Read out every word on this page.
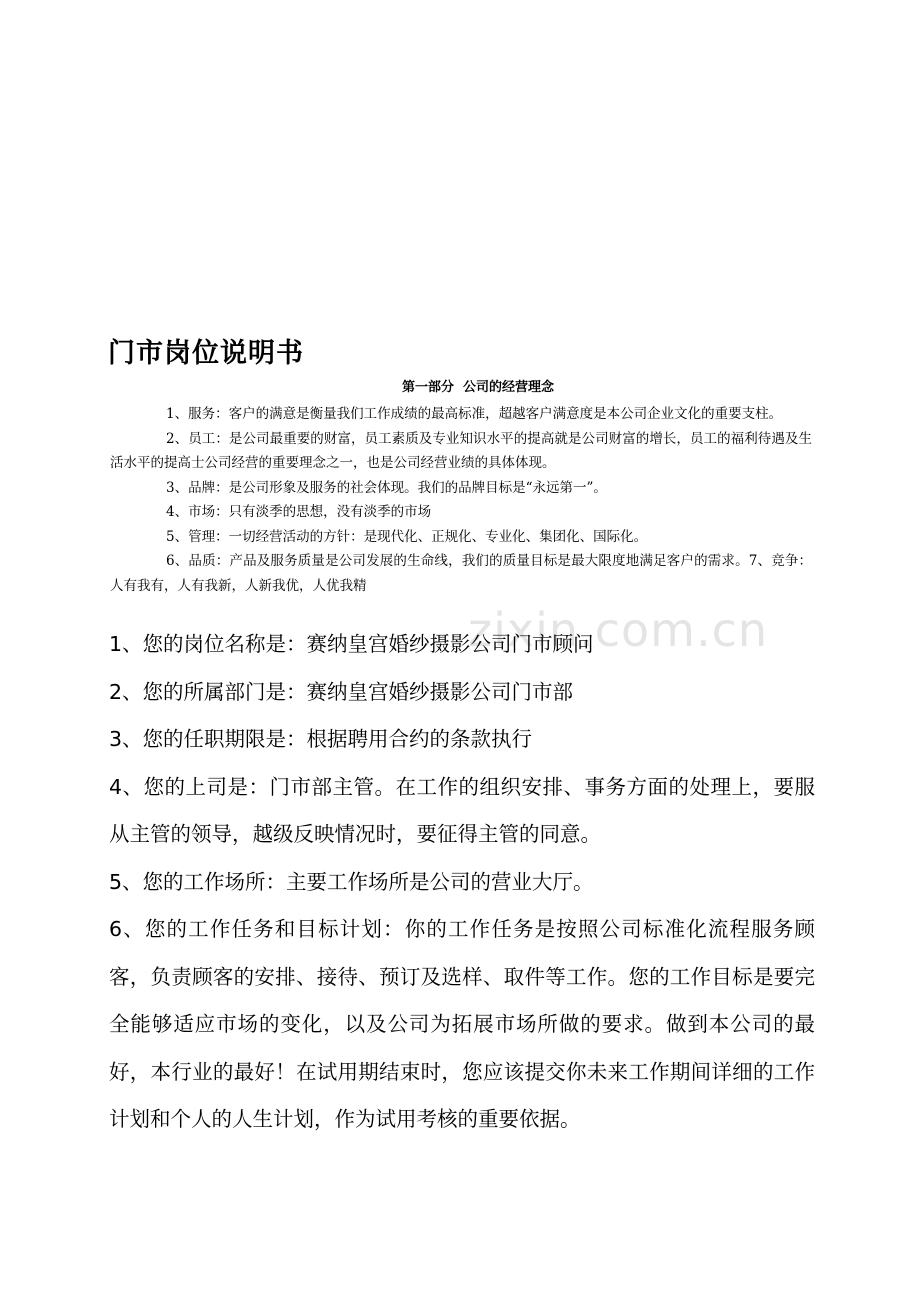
门市岗位说明书
第一部分  公司的经营理念

1、服务：客户的满意是衡量我们工作成绩的最高标准，超越客户满意度是本公司企业文化的重要支柱。

2、员工：是公司最重要的财富，员工素质及专业知识水平的提高就是公司财富的增长，员工的福利待遇及生活水平的提高士公司经营的重要理念之一，也是公司经营业绩的具体体现。

3、品牌：是公司形象及服务的社会体现。我们的品牌目标是“永远第一”。

4、市场：只有淡季的思想，没有淡季的市场

5、管理：一切经营活动的方针：是现代化、正规化、专业化、集团化、国际化。

6、品质：产品及服务质量是公司发展的生命线，我们的质量目标是最大限度地满足客户的需求。7、竞争：人有我有，人有我新，人新我优，人优我精

zixin.com.cn

1、您的岗位名称是：赛纳皇宫婚纱摄影公司门市顾问

2、您的所属部门是：赛纳皇宫婚纱摄影公司门市部

3、您的任职期限是：根据聘用合约的条款执行

4、您的上司是：门市部主管。在工作的组织安排、事务方面的处理上，要服从主管的领导，越级反映情况时，要征得主管的同意。

5、您的工作场所：主要工作场所是公司的营业大厅。

6、您的工作任务和目标计划：你的工作任务是按照公司标准化流程服务顾客，负责顾客的安排、接待、预订及选样、取件等工作。您的工作目标是要完全能够适应市场的变化，以及公司为拓展市场所做的要求。做到本公司的最好，本行业的最好！在试用期结束时，您应该提交你未来工作期间详细的工作计划和个人的人生计划，作为试用考核的重要依据。
